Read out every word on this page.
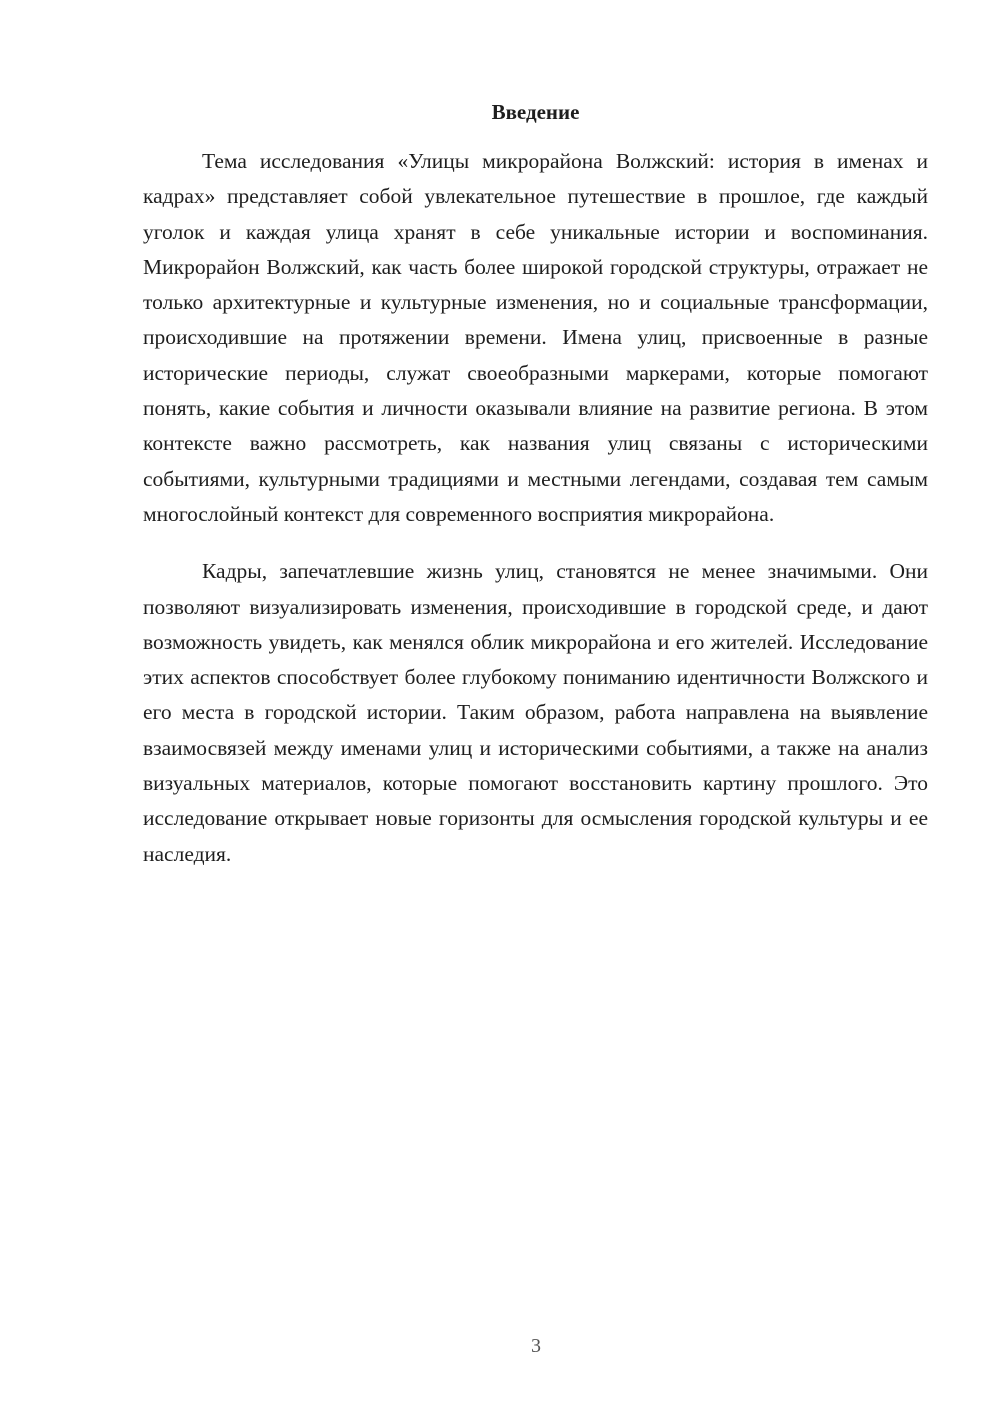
Введение

Тема исследования «Улицы микрорайона Волжский: история в именах и кадрах» представляет собой увлекательное путешествие в прошлое, где каждый уголок и каждая улица хранят в себе уникальные истории и воспоминания. Микрорайон Волжский, как часть более широкой городской структуры, отражает не только архитектурные и культурные изменения, но и социальные трансформации, происходившие на протяжении времени. Имена улиц, присвоенные в разные исторические периоды, служат своеобразными маркерами, которые помогают понять, какие события и личности оказывали влияние на развитие региона. В этом контексте важно рассмотреть, как названия улиц связаны с историческими событиями, культурными традициями и местными легендами, создавая тем самым многослойный контекст для современного восприятия микрорайона.

Кадры, запечатлевшие жизнь улиц, становятся не менее значимыми. Они позволяют визуализировать изменения, происходившие в городской среде, и дают возможность увидеть, как менялся облик микрорайона и его жителей. Исследование этих аспектов способствует более глубокому пониманию идентичности Волжского и его места в городской истории. Таким образом, работа направлена на выявление взаимосвязей между именами улиц и историческими событиями, а также на анализ визуальных материалов, которые помогают восстановить картину прошлого. Это исследование открывает новые горизонты для осмысления городской культуры и ее наследия.

3
